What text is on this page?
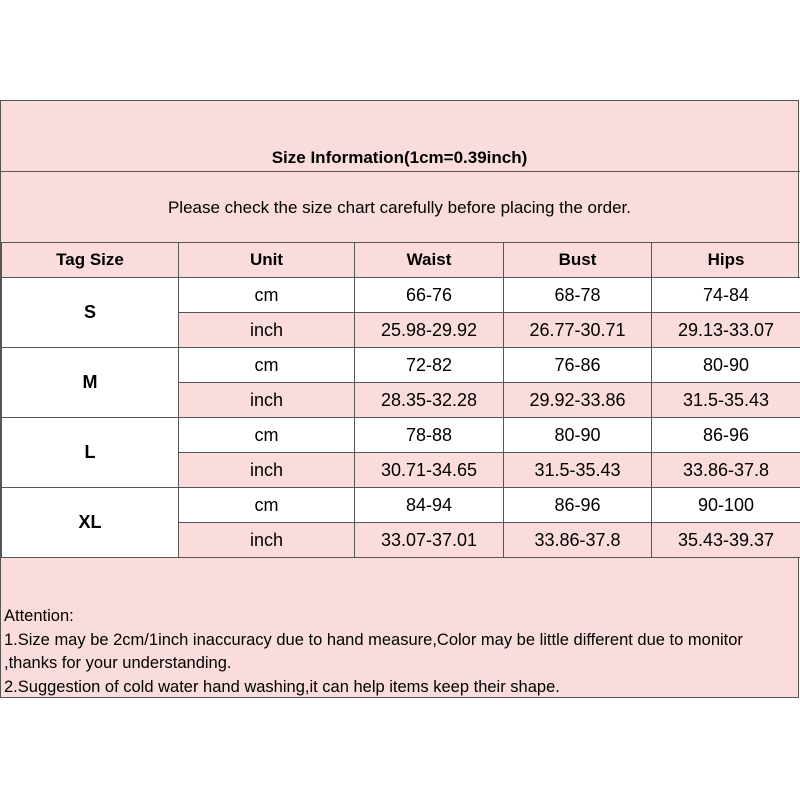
Size Information(1cm=0.39inch)
Please check the size chart carefully before placing the order.
Tag Size	Unit	Waist	Bust	Hips
S	cm	66-76	68-78	74-84
	inch	25.98-29.92	26.77-30.71	29.13-33.07
M	cm	72-82	76-86	80-90
	inch	28.35-32.28	29.92-33.86	31.5-35.43
L	cm	78-88	80-90	86-96
	inch	30.71-34.65	31.5-35.43	33.86-37.8
XL	cm	84-94	86-96	90-100
	inch	33.07-37.01	33.86-37.8	35.43-39.37
Attention:
1.Size may be 2cm/1inch inaccuracy due to hand measure,Color may be little different due to monitor ,thanks for your understanding.
2.Suggestion of cold water hand washing,it can help items keep their shape.
